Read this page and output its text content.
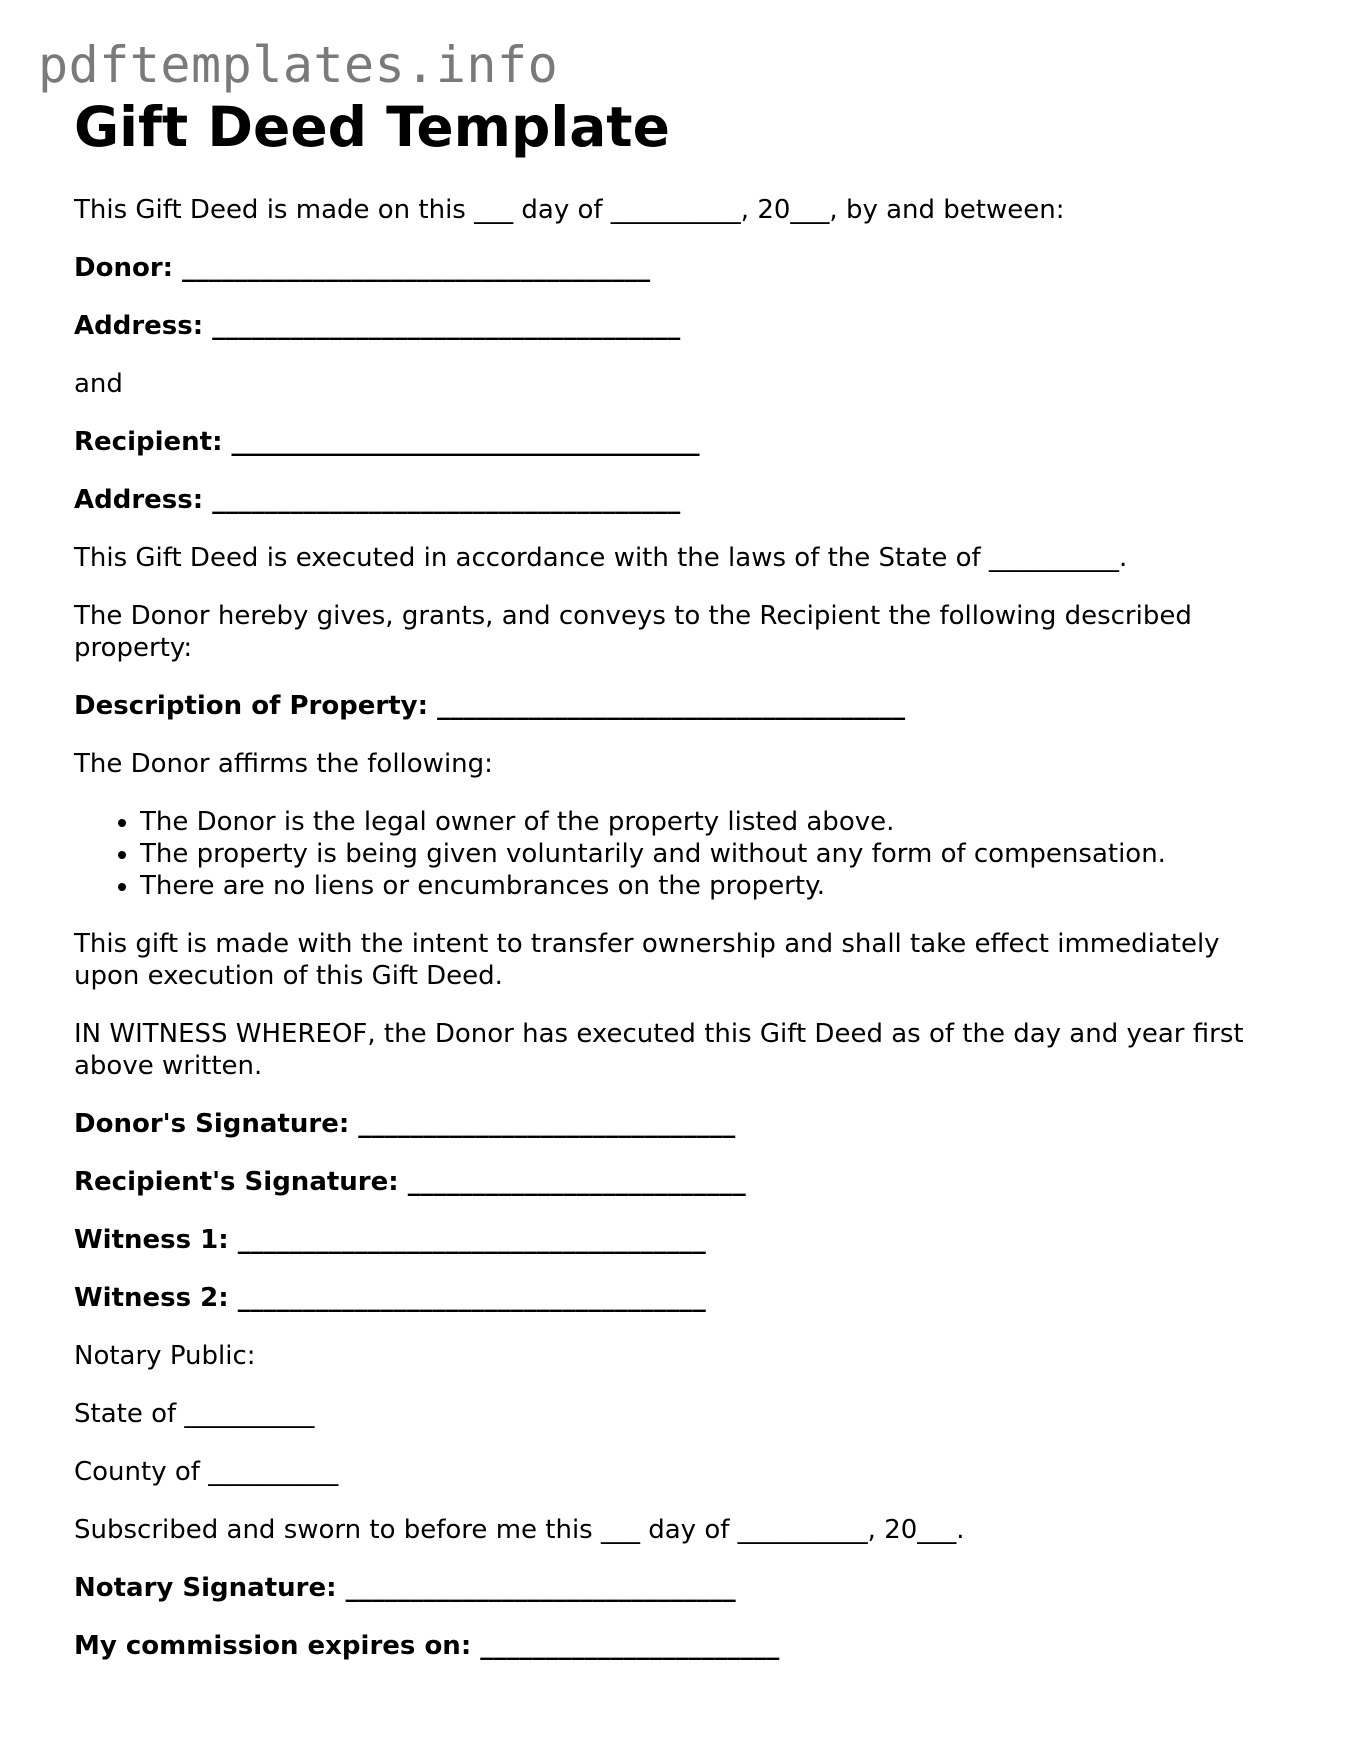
pdftemplates.info
Gift Deed Template

This Gift Deed is made on this ___ day of __________, 20___, by and between:

Donor: ____________________________________

Address: ____________________________________

and

Recipient: ____________________________________

Address: ____________________________________

This Gift Deed is executed in accordance with the laws of the State of __________.

The Donor hereby gives, grants, and conveys to the Recipient the following described property:

Description of Property: ____________________________________

The Donor affirms the following:

• The Donor is the legal owner of the property listed above.
• The property is being given voluntarily and without any form of compensation.
• There are no liens or encumbrances on the property.

This gift is made with the intent to transfer ownership and shall take effect immediately upon execution of this Gift Deed.

IN WITNESS WHEREOF, the Donor has executed this Gift Deed as of the day and year first above written.

Donor's Signature: _____________________________

Recipient's Signature: __________________________

Witness 1: ____________________________________

Witness 2: ____________________________________

Notary Public:

State of __________

County of __________

Subscribed and sworn to before me this ___ day of __________, 20___.

Notary Signature: ______________________________

My commission expires on: _______________________
